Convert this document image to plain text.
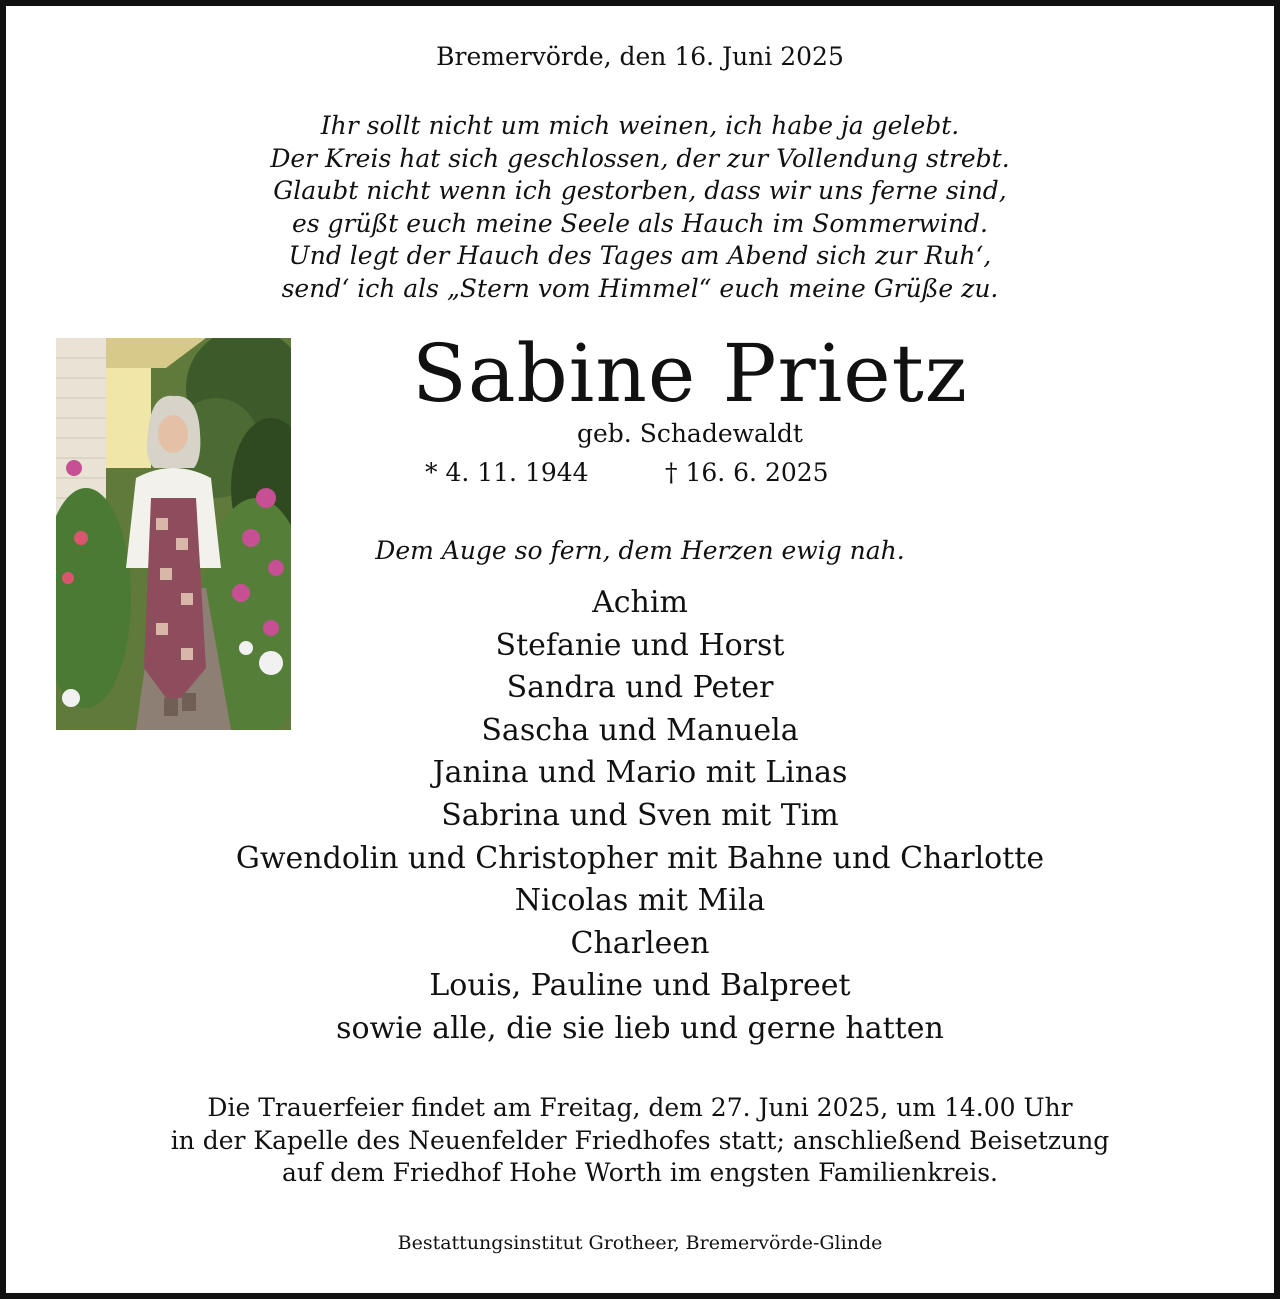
Bremervörde, den 16. Juni 2025
Ihr sollt nicht um mich weinen, ich habe ja gelebt.
Der Kreis hat sich geschlossen, der zur Vollendung strebt.
Glaubt nicht wenn ich gestorben, dass wir uns ferne sind,
es grüßt euch meine Seele als Hauch im Sommerwind.
Und legt der Hauch des Tages am Abend sich zur Ruh‘,
send‘ ich als „Stern vom Himmel“ euch meine Grüße zu.
Sabine Prietz
geb. Schadewaldt
* 4. 11. 1944	† 16. 6. 2025
Dem Auge so fern, dem Herzen ewig nah.
Achim
Stefanie und Horst
Sandra und Peter
Sascha und Manuela
Janina und Mario mit Linas
Sabrina und Sven mit Tim
Gwendolin und Christopher mit Bahne und Charlotte
Nicolas mit Mila
Charleen
Louis, Pauline und Balpreet
sowie alle, die sie lieb und gerne hatten
Die Trauerfeier findet am Freitag, dem 27. Juni 2025, um 14.00 Uhr
in der Kapelle des Neuenfelder Friedhofes statt; anschließend Beisetzung
auf dem Friedhof Hohe Worth im engsten Familienkreis.
Bestattungsinstitut Grotheer, Bremervörde-Glinde
